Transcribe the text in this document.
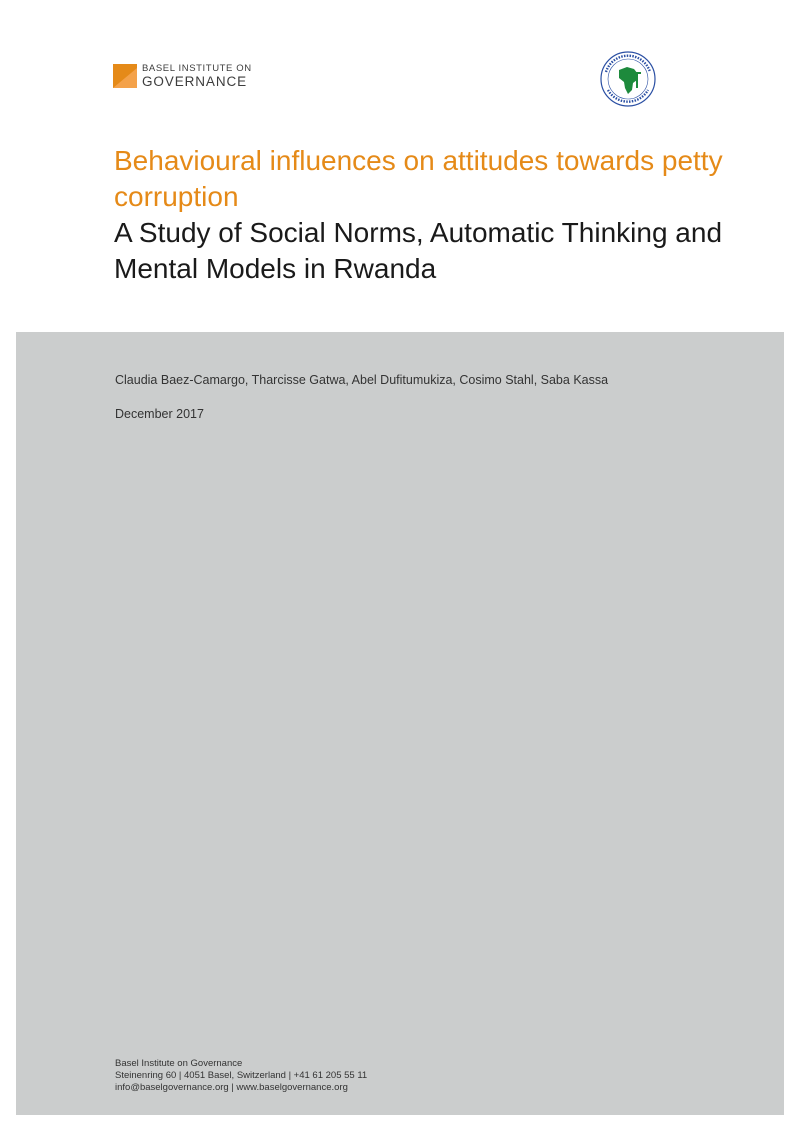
BASEL INSTITUTE ON
GOVERNANCE
Behavioural influences on attitudes towards petty corruption
A Study of Social Norms, Automatic Thinking and Mental Models in Rwanda
Claudia Baez-Camargo, Tharcisse Gatwa, Abel Dufitumukiza, Cosimo Stahl, Saba Kassa
December 2017
Basel Institute on Governance
Steinenring 60 | 4051 Basel, Switzerland | +41 61 205 55 11
info@baselgovernance.org | www.baselgovernance.org
